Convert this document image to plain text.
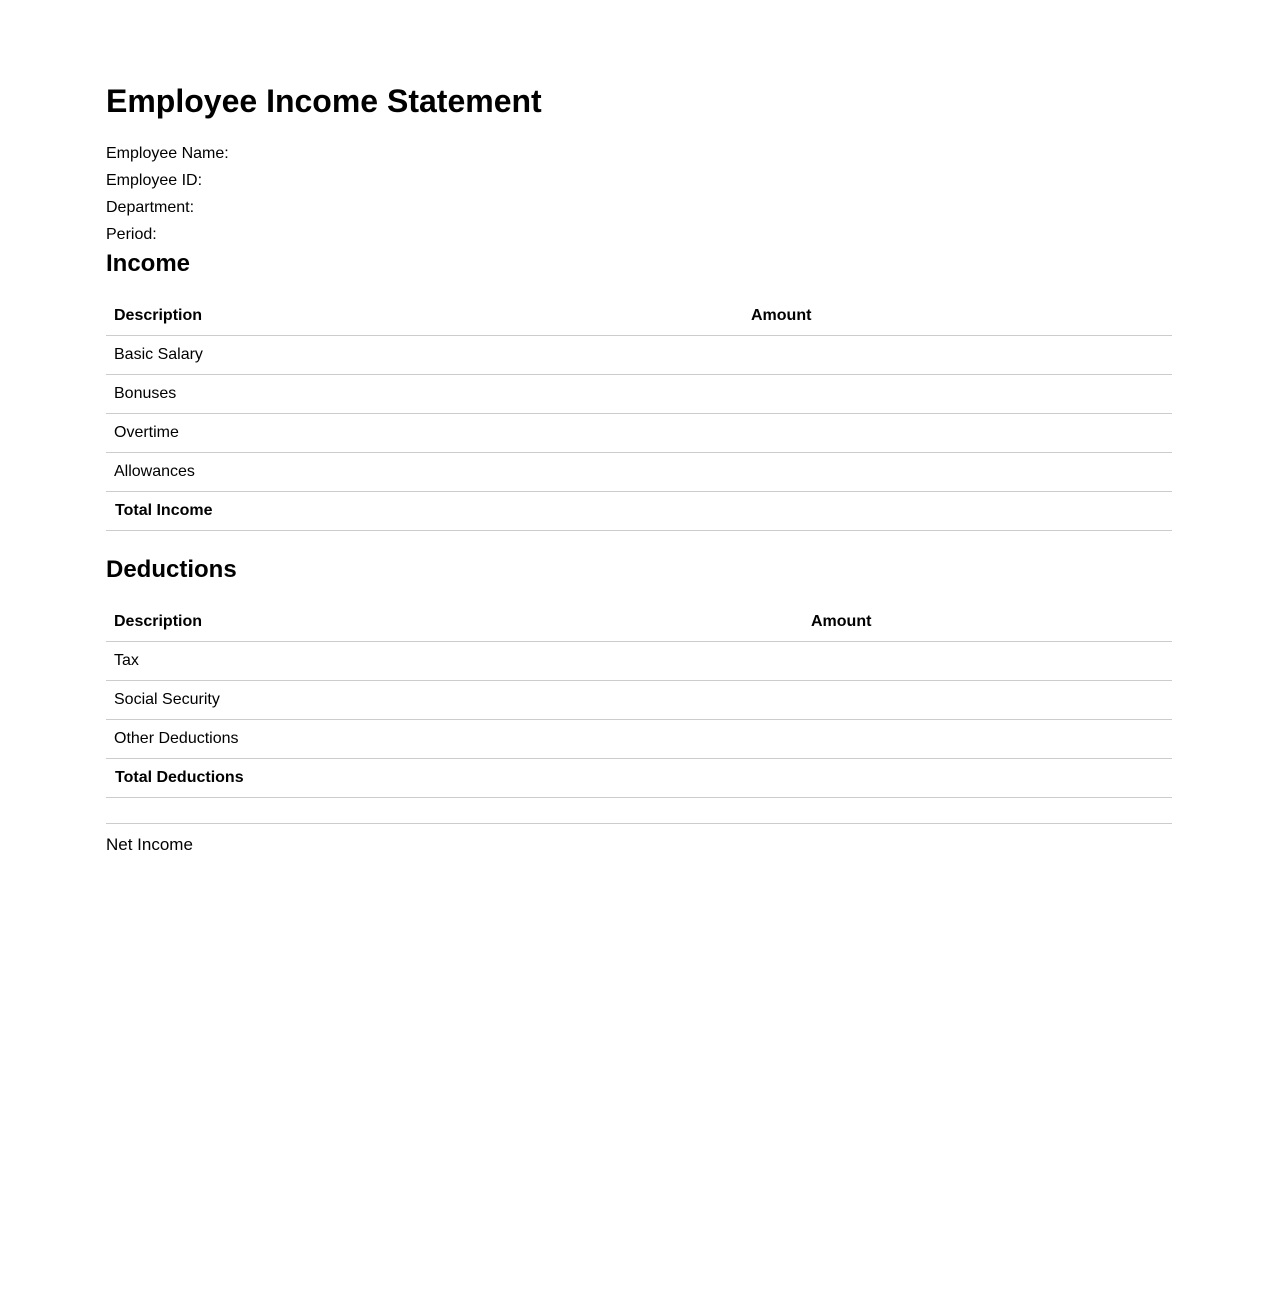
Employee Income Statement
Employee Name:
Employee ID:
Department:
Period:
Income
Description	Amount
Basic Salary	
Bonuses	
Overtime	
Allowances	
Total Income	
Deductions
Description	Amount
Tax	
Social Security	
Other Deductions	
Total Deductions	
Net Income
